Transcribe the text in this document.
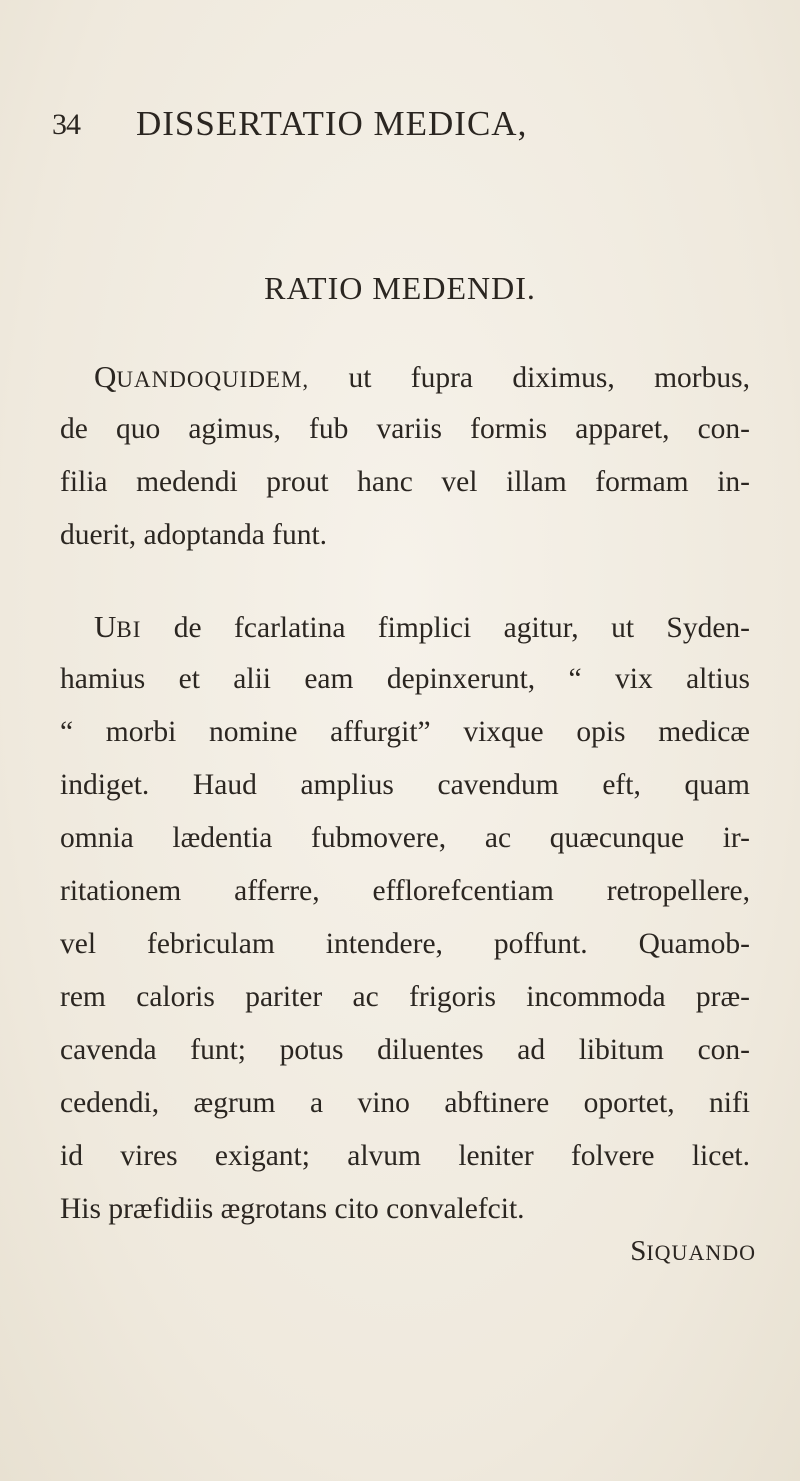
34 DISSERTATIO MEDICA,
RATIO MEDENDI.
QUANDOQUIDEM, ut fupra diximus, morbus,
de quo agimus, fub variis formis apparet, con-
filia medendi prout hanc vel illam formam in-
duerit, adoptanda funt.
UBI de fcarlatina fimplici agitur, ut Syden-
hamius et alii eam depinxerunt, “ vix altius
“ morbi nomine affurgit” vixque opis medicæ
indiget. Haud amplius cavendum eft, quam
omnia lædentia fubmovere, ac quæcunque ir-
ritationem afferre, efflorefcentiam retropellere,
vel febriculam intendere, poffunt. Quamob-
rem caloris pariter ac frigoris incommoda præ-
cavenda funt; potus diluentes ad libitum con-
cedendi, ægrum a vino abftinere oportet, nifi
id vires exigant; alvum leniter folvere licet.
His præfidiis ægrotans cito convalefcit.
SIQUANDO
